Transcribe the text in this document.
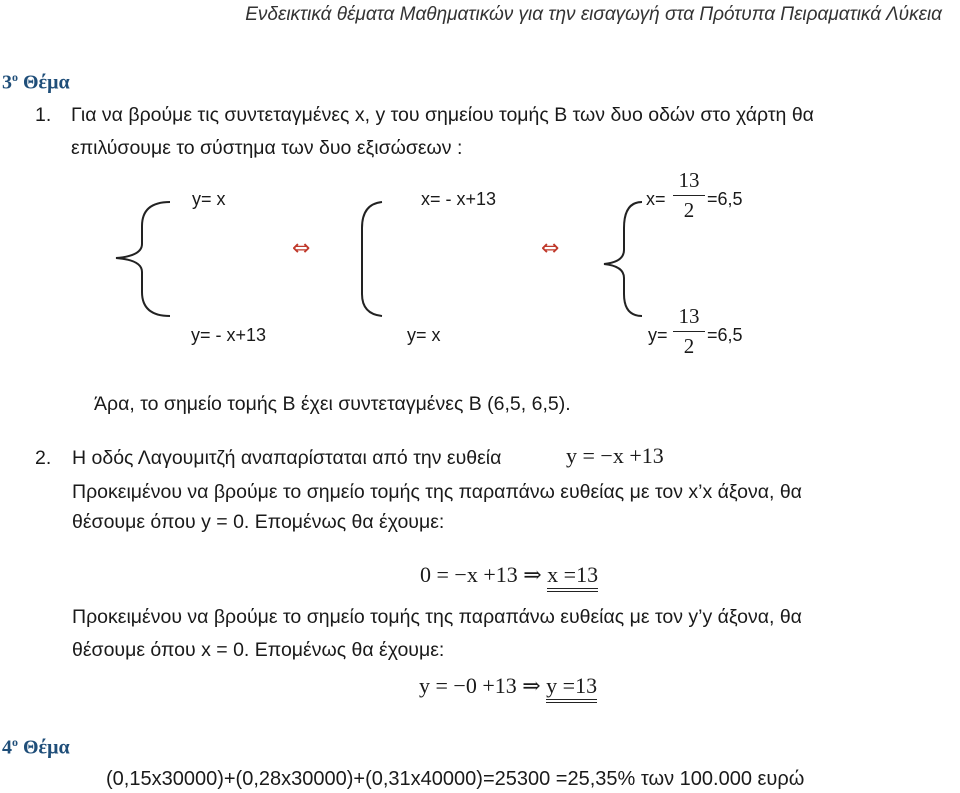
Ενδεικτικά θέματα Μαθηματικών για την εισαγωγή στα Πρότυπα Πειραματικά Λύκεια
$3^o$ Θέμα
1. Για να βρούμε τις συντεταγμένες x, y του σημείου τομής Β των δυο οδών στο χάρτη θα
επιλύσουμε το σύστημα των δυο εξισώσεων :
y= x
y= - x+13
x= - x+13
y= x
⇔	⇔
x=
13
2 =6,5
y=
13
2 =6,5
Άρα, το σημείο τομής Β έχει συντεταγμένες Β (6,5, 6,5).
2. Η οδός Λαγουμιτζή αναπαρίσταται από την ευθεία	y = −x +13
Προκειμένου να βρούμε το σημείο τομής της παραπάνω ευθείας με τον x’x άξονα, θα
θέσουμε όπου y = 0. Επομένως θα έχουμε:
0 = −x +13 ⇒ x =13
Προκειμένου να βρούμε το σημείο τομής της παραπάνω ευθείας με τον y’y άξονα, θα
θέσουμε όπου x = 0. Επομένως θα έχουμε:
y = −0 +13 ⇒ y =13
$4^o$ Θέμα
(0,15x30000)+(0,28x30000)+(0,31x40000)=25300 =25,35% των 100.000 ευρώ
